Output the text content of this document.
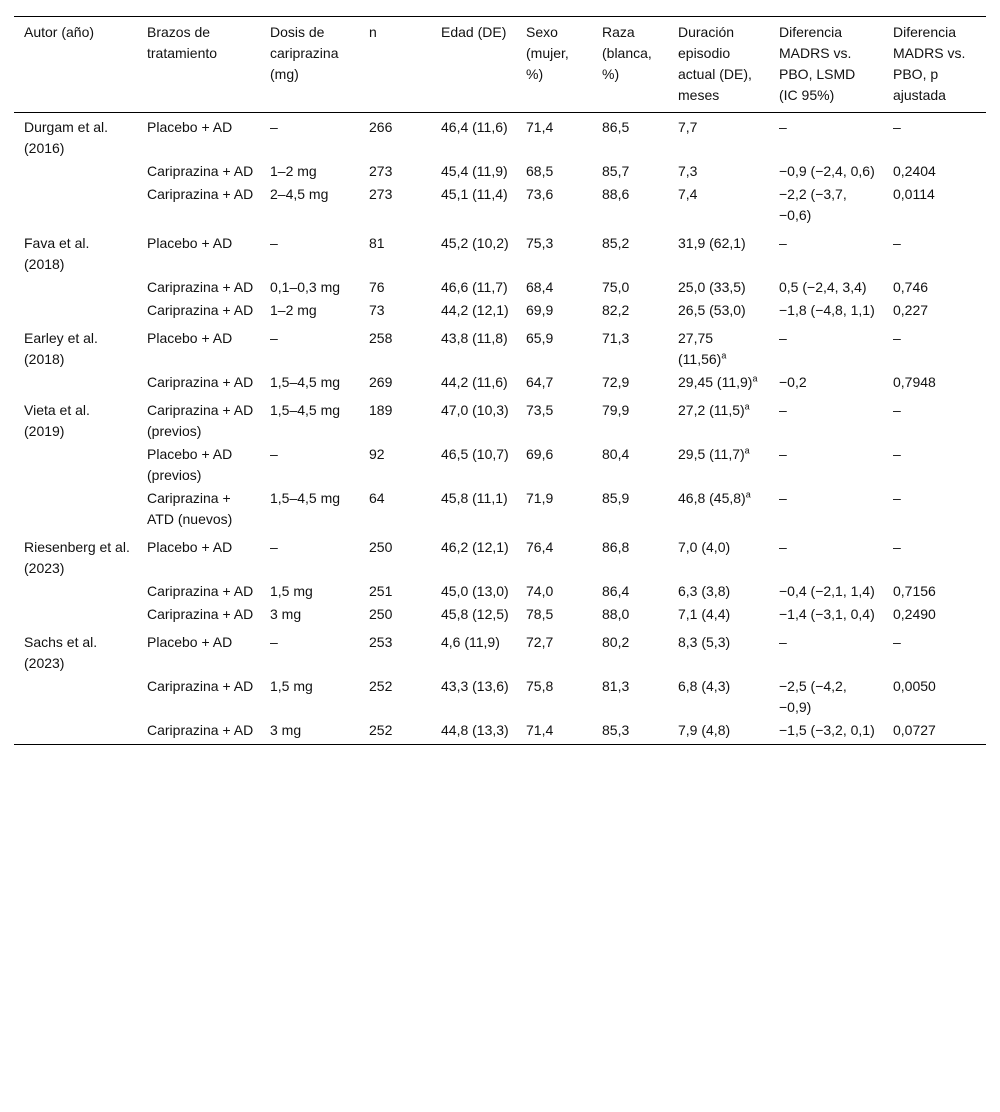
Autor (año)	Brazos de tratamiento	Dosis de cariprazina (mg)	n	Edad (DE)	Sexo (mujer, %)	Raza (blanca, %)	Duración episodio actual (DE), meses	Diferencia MADRS vs. PBO, LSMD (IC 95%)	Diferencia MADRS vs. PBO, p ajustada
Durgam et al. (2016)	Placebo + AD	–	266	46,4 (11,6)	71,4	86,5	7,7	–	–
	Cariprazina + AD	1–2 mg	273	45,4 (11,9)	68,5	85,7	7,3	−0,9 (−2,4, 0,6)	0,2404
	Cariprazina + AD	2–4,5 mg	273	45,1 (11,4)	73,6	88,6	7,4	−2,2 (−3,7, −0,6)	0,0114
Fava et al. (2018)	Placebo + AD	–	81	45,2 (10,2)	75,3	85,2	31,9 (62,1)	–	–
	Cariprazina + AD	0,1–0,3 mg	76	46,6 (11,7)	68,4	75,0	25,0 (33,5)	0,5 (−2,4, 3,4)	0,746
	Cariprazina + AD	1–2 mg	73	44,2 (12,1)	69,9	82,2	26,5 (53,0)	−1,8 (−4,8, 1,1)	0,227
Earley et al. (2018)	Placebo + AD	–	258	43,8 (11,8)	65,9	71,3	27,75 $(11,56)^a$	–	–
	Cariprazina + AD	1,5–4,5 mg	269	44,2 (11,6)	64,7	72,9	29,45 $(11,9)^a$	−0,2	0,7948
Vieta et al. (2019)	Cariprazina + AD (previos)	1,5–4,5 mg	189	47,0 (10,3)	73,5	79,9	27,2 $(11,5)^a$	–	–
	Placebo + AD (previos)	–	92	46,5 (10,7)	69,6	80,4	29,5 $(11,7)^a$	–	–
	Cariprazina + ATD (nuevos)	1,5–4,5 mg	64	45,8 (11,1)	71,9	85,9	46,8 $(45,8)^a$	–	–
Riesenberg et al. (2023)	Placebo + AD	–	250	46,2 (12,1)	76,4	86,8	7,0 (4,0)	–	–
	Cariprazina + AD	1,5 mg	251	45,0 (13,0)	74,0	86,4	6,3 (3,8)	−0,4 (−2,1, 1,4)	0,7156
	Cariprazina + AD	3 mg	250	45,8 (12,5)	78,5	88,0	7,1 (4,4)	−1,4 (−3,1, 0,4)	0,2490
Sachs et al. (2023)	Placebo + AD	–	253	4,6 (11,9)	72,7	80,2	8,3 (5,3)	–	–
	Cariprazina + AD	1,5 mg	252	43,3 (13,6)	75,8	81,3	6,8 (4,3)	−2,5 (−4,2, −0,9)	0,0050
	Cariprazina + AD	3 mg	252	44,8 (13,3)	71,4	85,3	7,9 (4,8)	−1,5 (−3,2, 0,1)	0,0727
